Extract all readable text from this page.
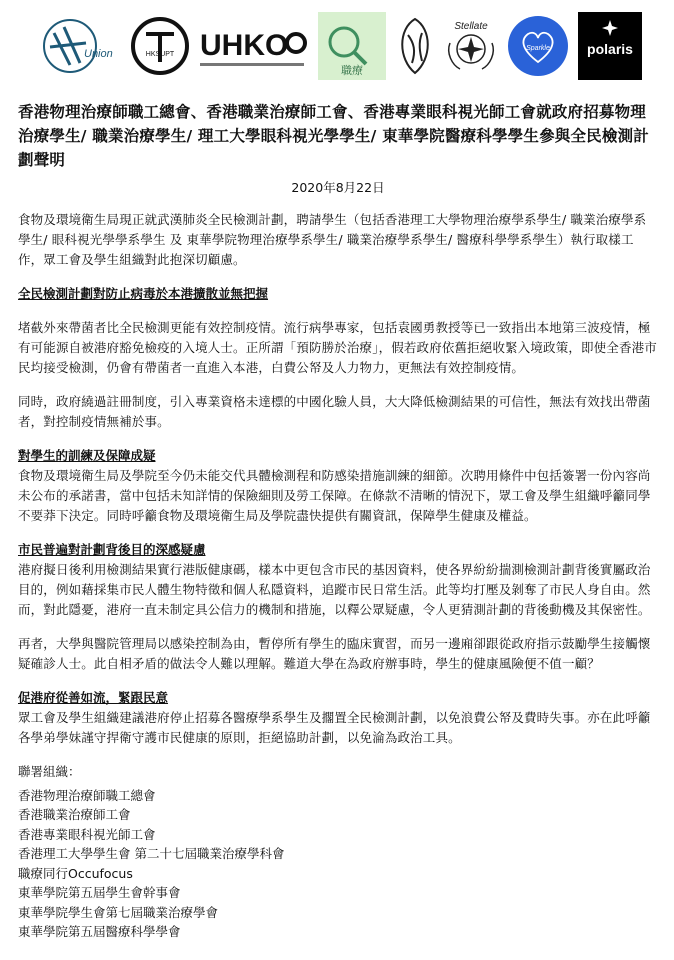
Union	HKSUPT UHKO
職療
Stellate
Sparkle	polaris
香港物理治療師職工總會、香港職業治療師工會、香港專業眼科視光師工會就政府招募物理治療學生/ 職業治療學生/ 理工大學眼科視光學學生/ 東華學院醫療科學學生參與全民檢測計劃聲明
2020年8月22日

食物及環境衛生局現正就武漢肺炎全民檢測計劃，聘請學生（包括香港理工大學物理治療學系學生/ 職業治療學系學生/ 眼科視光學學系學生 及 東華學院物理治療學系學生/ 職業治療學系學生/ 醫療科學學系學生）執行取樣工作，眾工會及學生組織對此抱深切顧慮。

全民檢測計劃對防止病毒於本港擴散並無把握

堵截外來帶菌者比全民檢測更能有效控制疫情。流行病學專家，包括袁國勇教授等已一致指出本地第三波疫情，極有可能源自被港府豁免檢疫的入境人士。正所謂「預防勝於治療」，假若政府依舊拒絕收緊入境政策，即使全香港市民均接受檢測，仍會有帶菌者一直進入本港，白費公帑及人力物力，更無法有效控制疫情。

同時，政府繞過註冊制度，引入專業資格未達標的中國化驗人員，大大降低檢測結果的可信性，無法有效找出帶菌者，對控制疫情無補於事。

對學生的訓練及保障成疑

食物及環境衛生局及學院至今仍未能交代具體檢測程和防感染措施訓練的細節。次聘用條件中包括簽署一份內容尚未公布的承諾書，當中包括未知詳情的保險細則及勞工保障。在條款不清晰的情況下，眾工會及學生組織呼籲同學不要莽下決定。同時呼籲食物及環境衛生局及學院盡快提供有關資訊，保障學生健康及權益。

市民普遍對計劃背後目的深感疑慮

港府擬日後利用檢測結果實行港版健康碼，樣本中更包含市民的基因資料，使各界紛紛揣測檢測計劃背後實屬政治目的，例如藉採集市民人體生物特徵和個人私隱資料，追蹤市民日常生活。此等均打壓及剝奪了市民人身自由。然而，對此隱憂，港府一直未制定具公信力的機制和措施，以釋公眾疑慮，令人更猜測計劃的背後動機及其保密性。

再者，大學與醫院管理局以感染控制為由，暫停所有學生的臨床實習，而另一邊廂卻跟從政府指示鼓勵學生接觸懷疑確診人士。此自相矛盾的做法令人難以理解。難道大學在為政府辦事時，學生的健康風險便不值一顧？

促港府從善如流，緊跟民意

眾工會及學生組織建議港府停止招募各醫療學系學生及擱置全民檢測計劃，以免浪費公帑及費時失事。亦在此呼籲各學弟學妹謹守捍衛守護市民健康的原則，拒絕協助計劃，以免淪為政治工具。

聯署組織：
香港物理治療師職工總會
香港職業治療師工會
香港專業眼科視光師工會
香港理工大學學生會 第二十七屆職業治療學科會
職療同行Occufocus
東華學院第五屆學生會幹事會
東華學院學生會第七屆職業治療學會
東華學院第五屆醫療科學學會
